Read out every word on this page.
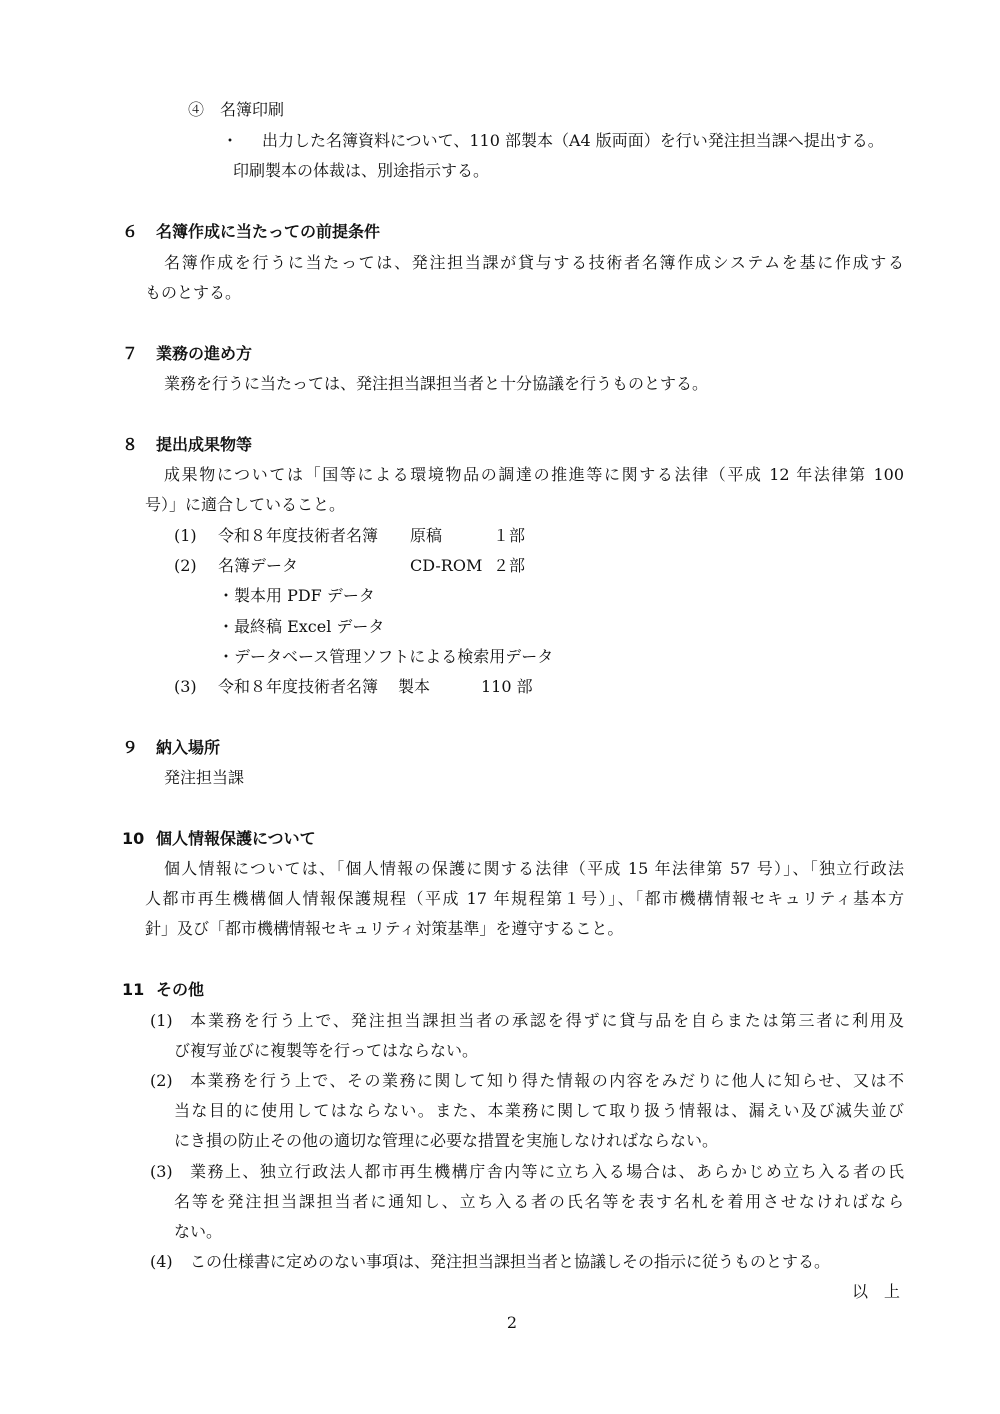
④　名簿印刷
・ 出力した名簿資料について、110 部製本（A4 版両面）を行い発注担当課へ提出する。
印刷製本の体裁は、別途指示する。
６ 名簿作成に当たっての前提条件
名簿作成を行うに当たっては、発注担当課が貸与する技術者名簿作成システムを基に作成する
ものとする。
７ 業務の進め方
業務を行うに当たっては、発注担当課担当者と十分協議を行うものとする。
８ 提出成果物等
成果物については「国等による環境物品の調達の推進等に関する法律（平成 12 年法律第 100
号）」に適合していること。
(1) 令和８年度技術者名簿 原稿	１部
(2) 名簿データ	CD-ROM ２部
・製本用 PDF データ
・最終稿 Excel データ
・データベース管理ソフトによる検索用データ
(3) 令和８年度技術者名簿 製本	110 部
９ 納入場所
発注担当課
10 個人情報保護について
個人情報については、「個人情報の保護に関する法律（平成 15 年法律第 57 号）」、「独立行政法
人都市再生機構個人情報保護規程（平成 17 年規程第１号）」、「都市機構情報セキュリティ基本方
針」及び「都市機構情報セキュリティ対策基準」を遵守すること。
11 その他
(1) 本業務を行う上で、発注担当課担当者の承認を得ずに貸与品を自らまたは第三者に利用及
び複写並びに複製等を行ってはならない。
(2) 本業務を行う上で、その業務に関して知り得た情報の内容をみだりに他人に知らせ、又は不
当な目的に使用してはならない。また、本業務に関して取り扱う情報は、漏えい及び滅失並び
にき損の防止その他の適切な管理に必要な措置を実施しなければならない。
(3) 業務上、独立行政法人都市再生機構庁舎内等に立ち入る場合は、あらかじめ立ち入る者の氏
名等を発注担当課担当者に通知し、立ち入る者の氏名等を表す名札を着用させなければなら
ない。
(4) この仕様書に定めのない事項は、発注担当課担当者と協議しその指示に従うものとする。
以　上
2
